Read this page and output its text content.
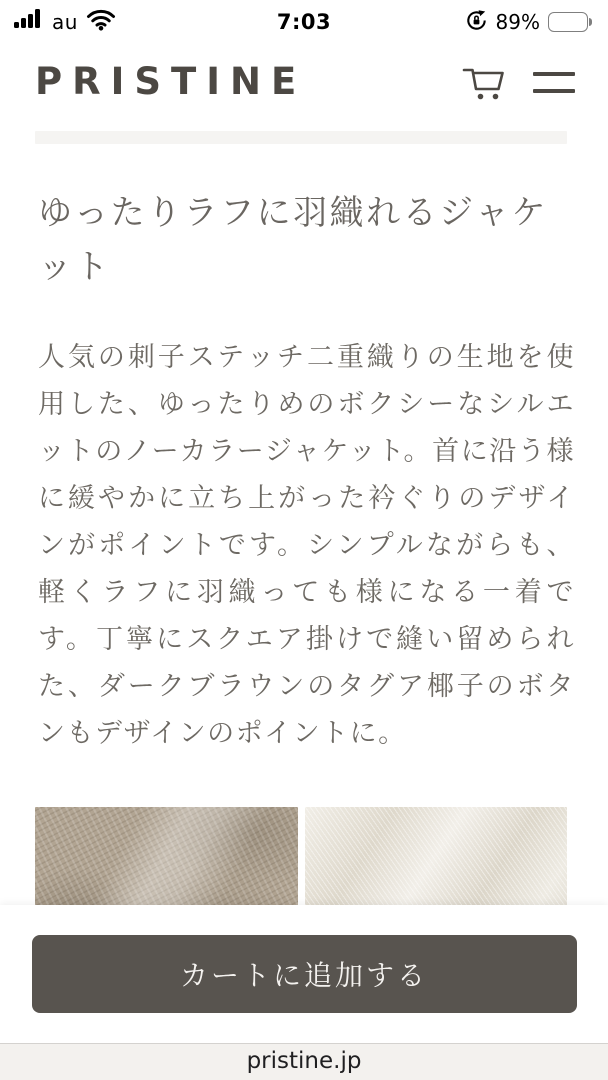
au	7:03	89%
PRISTINE
ゆったりラフに羽織れるジャケット

人気の刺子ステッチ二重織りの生地を使用した、ゆったりめのボクシーなシルエットのノーカラージャケット。首に沿う様に緩やかに立ち上がった衿ぐりのデザインがポイントです。シンプルながらも、軽くラフに羽織っても様になる一着です。丁寧にスクエア掛けで縫い留められた、ダークブラウンのタグア椰子のボタンもデザインのポイントに。

カートに追加する
pristine.jp
